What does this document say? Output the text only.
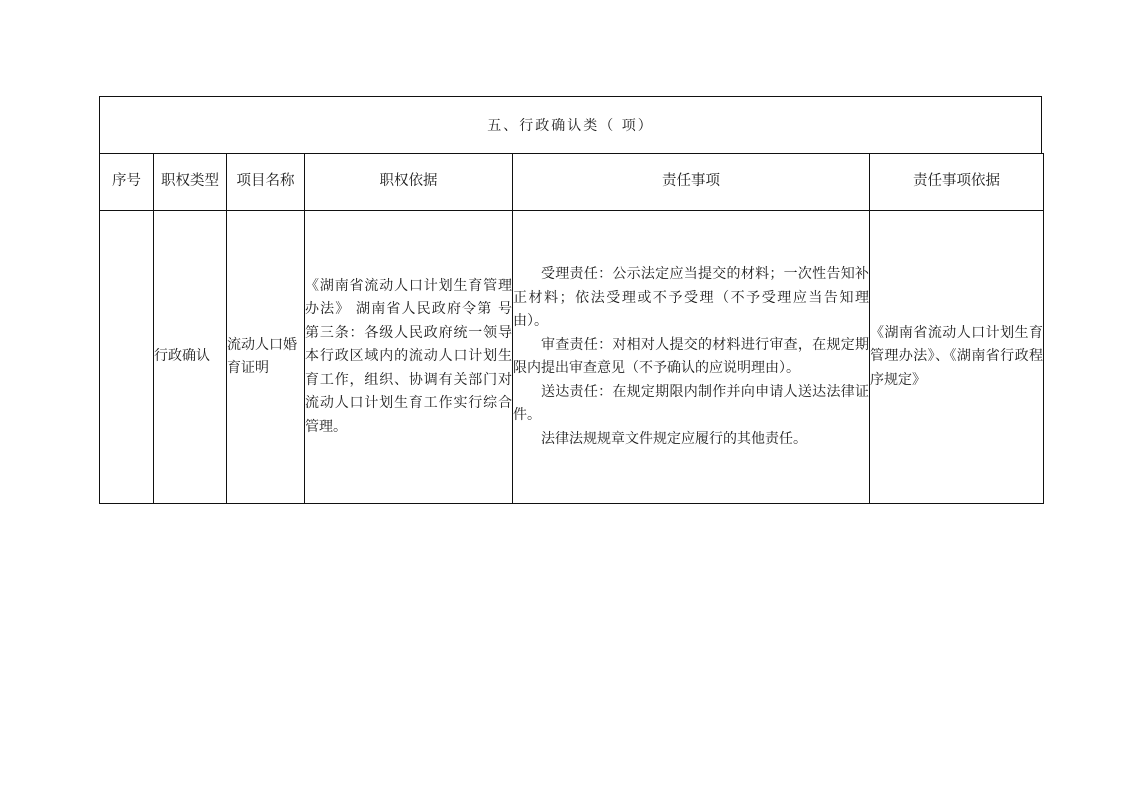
五、行政确认类（ 项）
序号	职权类型	项目名称	职权依据	责任事项	责任事项依据
	行政确认	流动人口婚育证明	《湖南省流动人口计划生育管理办法》 湖南省人民政府令第 号 第三条：各级人民政府统一领导本行政区域内的流动人口计划生育工作，组织、协调有关部门对流动人口计划生育工作实行综合管理。	受理责任：公示法定应当提交的材料；一次性告知补正材料；依法受理或不予受理（不予受理应当告知理由）。

审查责任：对相对人提交的材料进行审查，在规定期限内提出审查意见（不予确认的应说明理由）。

送达责任：在规定期限内制作并向申请人送达法律证件。

法律法规规章文件规定应履行的其他责任。	《湖南省流动人口计划生育管理办法》、《湖南省行政程序规定》
